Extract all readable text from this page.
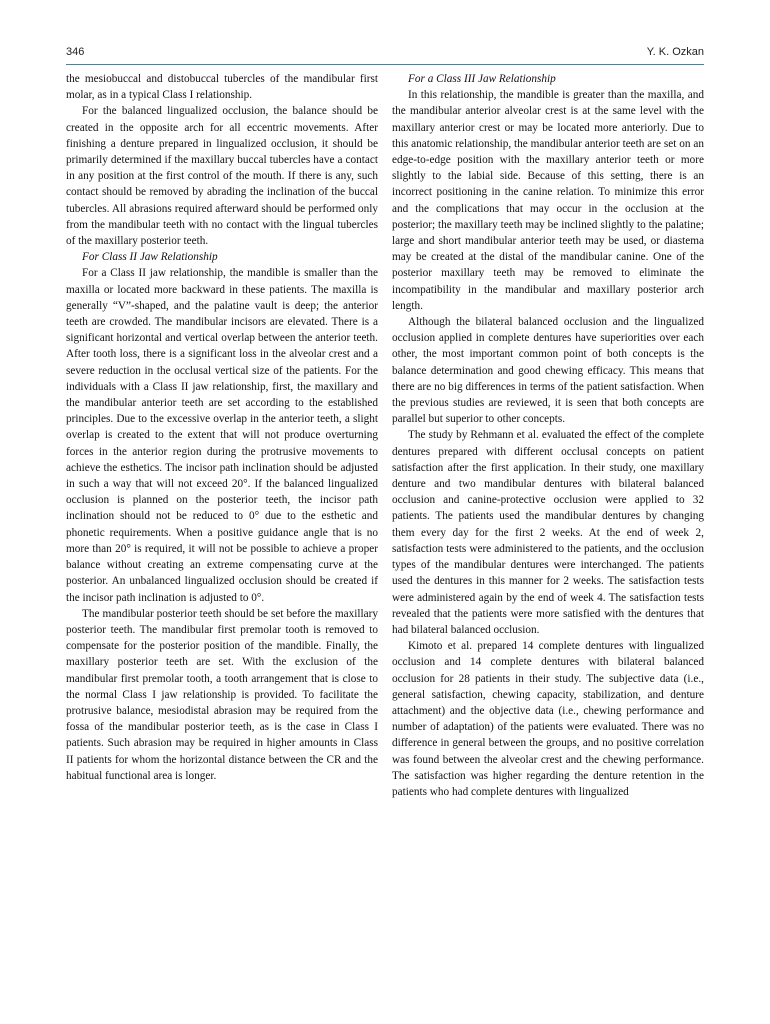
346	Y. K. Ozkan

the mesiobuccal and distobuccal tubercles of the mandibular first molar, as in a typical Class I relationship.

For the balanced lingualized occlusion, the balance should be created in the opposite arch for all eccentric movements. After finishing a denture prepared in lingualized occlusion, it should be primarily determined if the maxillary buccal tubercles have a contact in any position at the first control of the mouth. If there is any, such contact should be removed by abrading the inclination of the buccal tubercles. All abrasions required afterward should be performed only from the mandibular teeth with no contact with the lingual tubercles of the maxillary posterior teeth.

For Class II Jaw Relationship

For a Class II jaw relationship, the mandible is smaller than the maxilla or located more backward in these patients. The maxilla is generally “V”-shaped, and the palatine vault is deep; the anterior teeth are crowded. The mandibular incisors are elevated. There is a significant horizontal and vertical overlap between the anterior teeth. After tooth loss, there is a significant loss in the alveolar crest and a severe reduction in the occlusal vertical size of the patients. For the individuals with a Class II jaw relationship, first, the maxillary and the mandibular anterior teeth are set according to the established principles. Due to the excessive overlap in the anterior teeth, a slight overlap is created to the extent that will not produce overturning forces in the anterior region during the protrusive movements to achieve the esthetics. The incisor path inclination should be adjusted in such a way that will not exceed 20°. If the balanced lingualized occlusion is planned on the posterior teeth, the incisor path inclination should not be reduced to 0° due to the esthetic and phonetic requirements. When a positive guidance angle that is no more than 20° is required, it will not be possible to achieve a proper balance without creating an extreme compensating curve at the posterior. An unbalanced lingualized occlusion should be created if the incisor path inclination is adjusted to 0°.

The mandibular posterior teeth should be set before the maxillary posterior teeth. The mandibular first premolar tooth is removed to compensate for the posterior position of the mandible. Finally, the maxillary posterior teeth are set. With the exclusion of the mandibular first premolar tooth, a tooth arrangement that is close to the normal Class I jaw relationship is provided. To facilitate the protrusive balance, mesiodistal abrasion may be required from the fossa of the mandibular posterior teeth, as is the case in Class I patients. Such abrasion may be required in higher amounts in Class II patients for whom the horizontal distance between the CR and the habitual functional area is longer.

For a Class III Jaw Relationship

In this relationship, the mandible is greater than the maxilla, and the mandibular anterior alveolar crest is at the same level with the maxillary anterior crest or may be located more anteriorly. Due to this anatomic relationship, the mandibular anterior teeth are set on an edge-to-edge position with the maxillary anterior teeth or more slightly to the labial side. Because of this setting, there is an incorrect positioning in the canine relation. To minimize this error and the complications that may occur in the occlusion at the posterior; the maxillary teeth may be inclined slightly to the palatine; large and short mandibular anterior teeth may be used, or diastema may be created at the distal of the mandibular canine. One of the posterior maxillary teeth may be removed to eliminate the incompatibility in the mandibular and maxillary posterior arch length.

Although the bilateral balanced occlusion and the lingualized occlusion applied in complete dentures have superiorities over each other, the most important common point of both concepts is the balance determination and good chewing efficacy. This means that there are no big differences in terms of the patient satisfaction. When the previous studies are reviewed, it is seen that both concepts are parallel but superior to other concepts.

The study by Rehmann et al. evaluated the effect of the complete dentures prepared with different occlusal concepts on patient satisfaction after the first application. In their study, one maxillary denture and two mandibular dentures with bilateral balanced occlusion and canine-protective occlusion were applied to 32 patients. The patients used the mandibular dentures by changing them every day for the first 2 weeks. At the end of week 2, satisfaction tests were administered to the patients, and the occlusion types of the mandibular dentures were interchanged. The patients used the dentures in this manner for 2 weeks. The satisfaction tests were administered again by the end of week 4. The satisfaction tests revealed that the patients were more satisfied with the dentures that had bilateral balanced occlusion.

Kimoto et al. prepared 14 complete dentures with lingualized occlusion and 14 complete dentures with bilateral balanced occlusion for 28 patients in their study. The subjective data (i.e., general satisfaction, chewing capacity, stabilization, and denture attachment) and the objective data (i.e., chewing performance and number of adaptation) of the patients were evaluated. There was no difference in general between the groups, and no positive correlation was found between the alveolar crest and the chewing performance. The satisfaction was higher regarding the denture retention in the patients who had complete dentures with lingualized
